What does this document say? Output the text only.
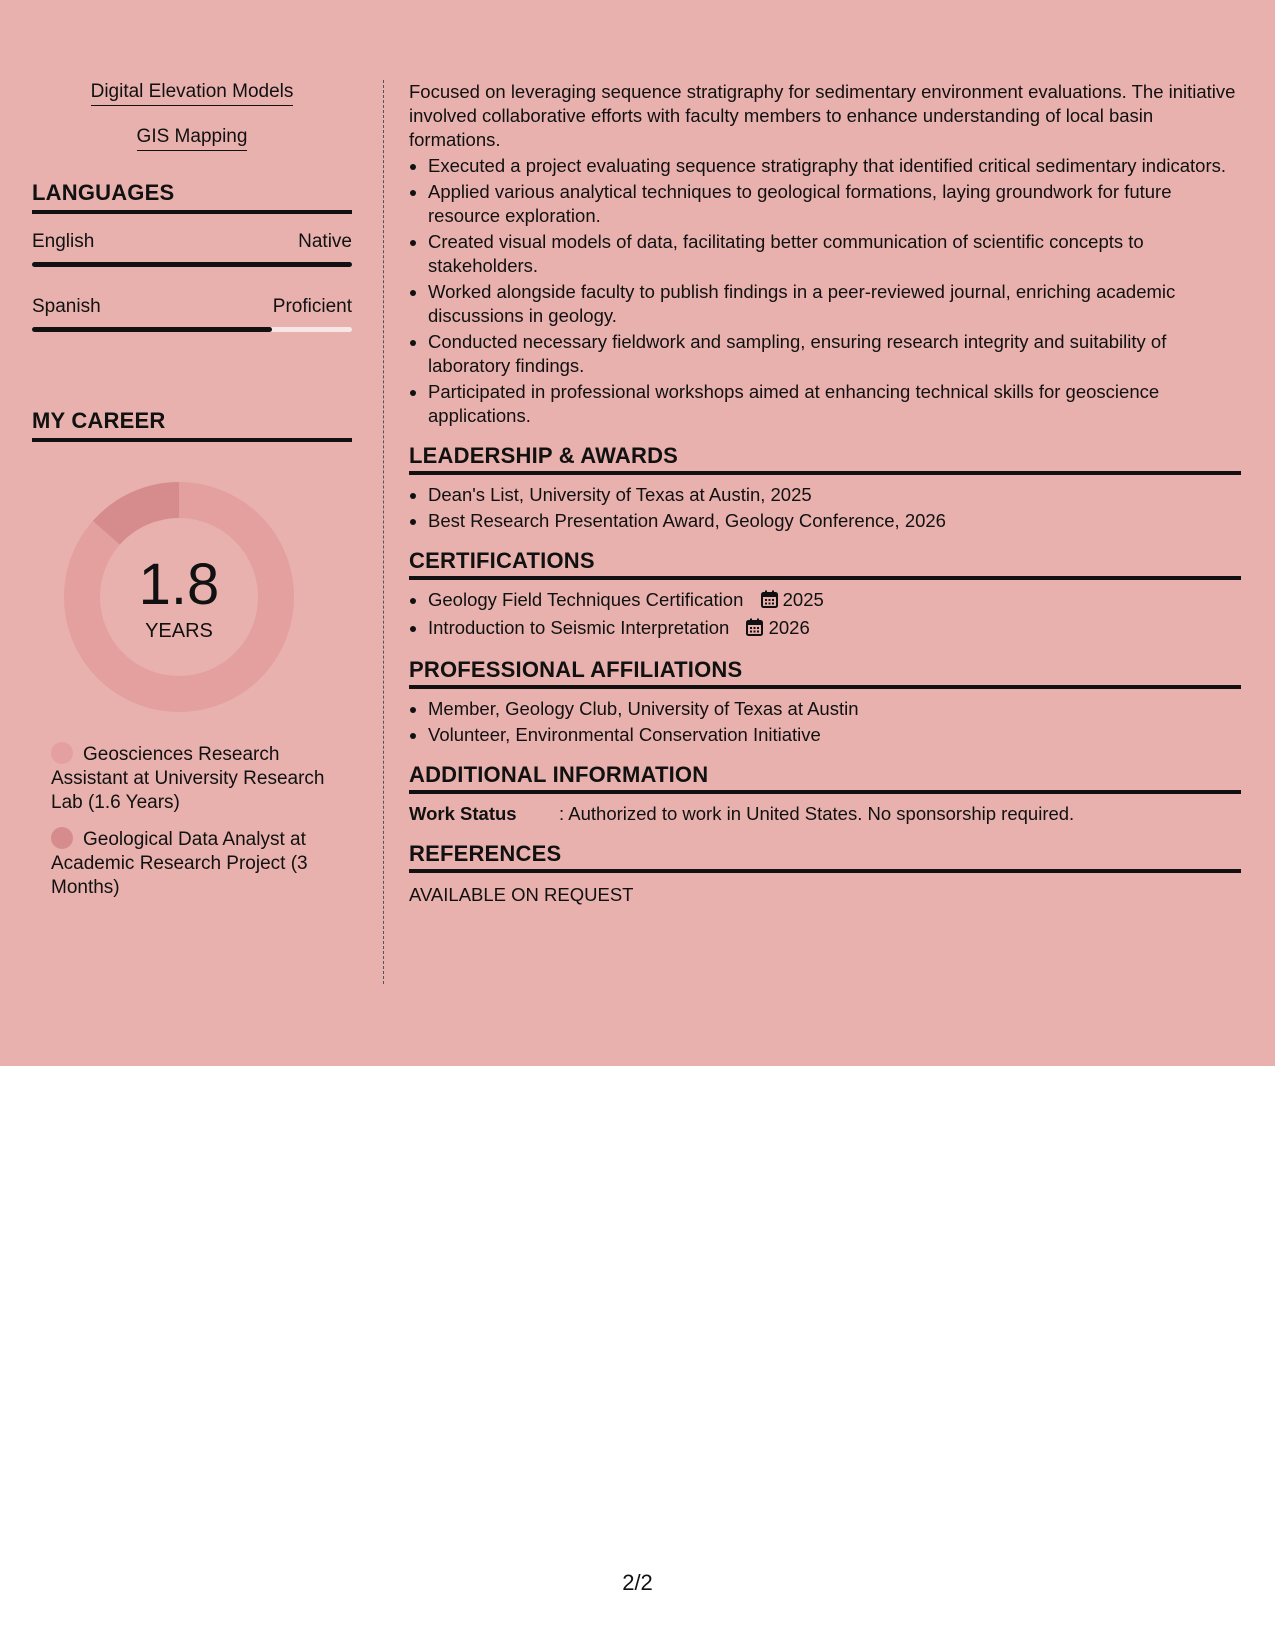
Digital Elevation Models
GIS Mapping
LANGUAGES
English	Native
Spanish	Proficient
MY CAREER
1.8
YEARS
Geosciences Research Assistant at University Research Lab (1.6 Years)
Geological Data Analyst at Academic Research Project (3 Months)

Focused on leveraging sequence stratigraphy for sedimentary environment evaluations. The initiative involved collaborative efforts with faculty members to enhance understanding of local basin formations.

• Executed a project evaluating sequence stratigraphy that identified critical sedimentary indicators.
• Applied various analytical techniques to geological formations, laying groundwork for future resource exploration.
• Created visual models of data, facilitating better communication of scientific concepts to stakeholders.
• Worked alongside faculty to publish findings in a peer-reviewed journal, enriching academic discussions in geology.
• Conducted necessary fieldwork and sampling, ensuring research integrity and suitability of laboratory findings.
• Participated in professional workshops aimed at enhancing technical skills for geoscience applications.
LEADERSHIP & AWARDS
• Dean's List, University of Texas at Austin, 2025
• Best Research Presentation Award, Geology Conference, 2026
CERTIFICATIONS
• Geology Field Techniques Certification 2025
• Introduction to Seismic Interpretation 2026
PROFESSIONAL AFFILIATIONS
• Member, Geology Club, University of Texas at Austin
• Volunteer, Environmental Conservation Initiative
ADDITIONAL INFORMATION
Work Status	: Authorized to work in United States. No sponsorship required.
REFERENCES
AVAILABLE ON REQUEST
2/2
